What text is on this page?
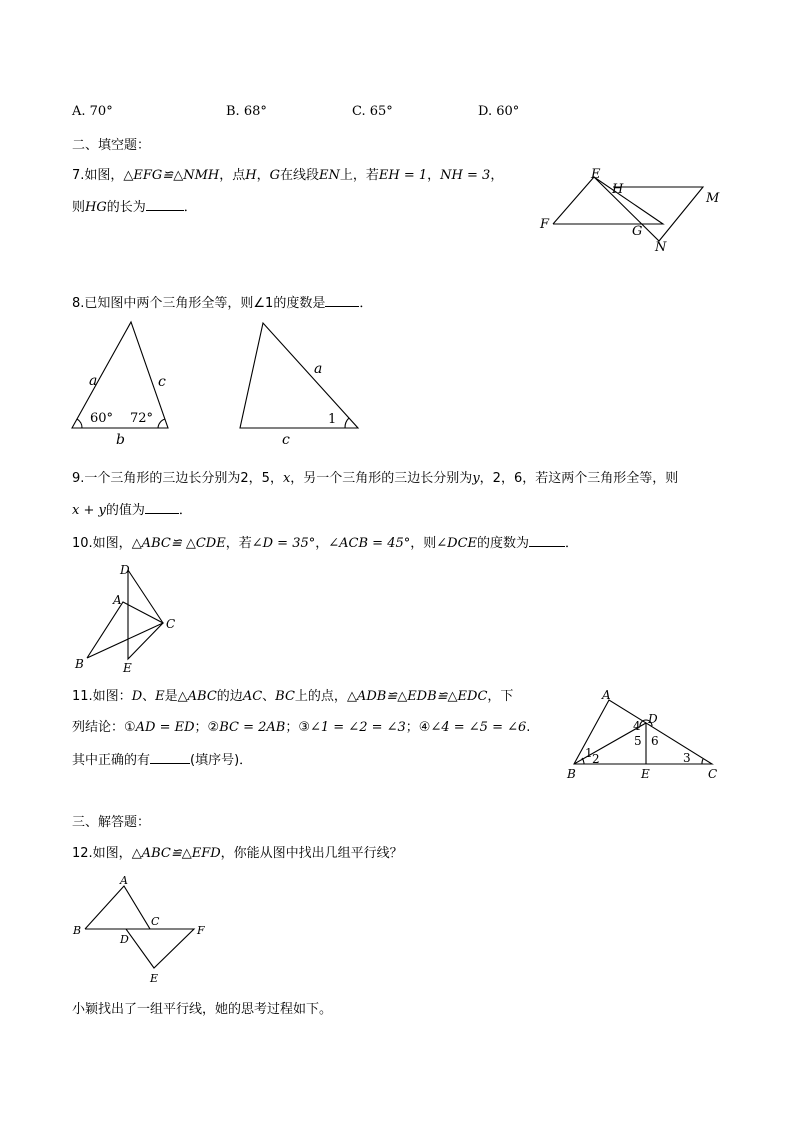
A. 70°	B. 68°	C. 65°	D. 60°
二、填空题：
7.如图，△EFG≌△NMH，点H，G在线段EN上，若EH = 1，NH = 3，
则HG的长为	．
E
H
M
F	G
N
8.已知图中两个三角形全等，则∠1的度数是	．
a	c
b
60° 72°
a
c
1
9.一个三角形的三边长分别为2，5，x，另一个三角形的三边长分别为y，2，6，若这两个三角形全等，则
x + y的值为	．
10.如图，△ABC≌ △CDE，若∠D = 35°，∠ACB = 45°，则∠DCE的度数为	．
D
A
C
B	E
11.如图：D、E是△ABC的边AC、BC上的点，△ADB≌△EDB≌△EDC，下
列结论：①AD = ED；②BC = 2AB；③∠1 = ∠2 = ∠3；④∠4 = ∠5 = ∠6.
其中正确的有	(填序号)．
A
D
4
5 6
1 2	3
B	E	C
三、解答题：
12.如图，△ABC≌△EFD，你能从图中找出几组平行线？
A
B
C
D
F
E
小颖找出了一组平行线，她的思考过程如下。
